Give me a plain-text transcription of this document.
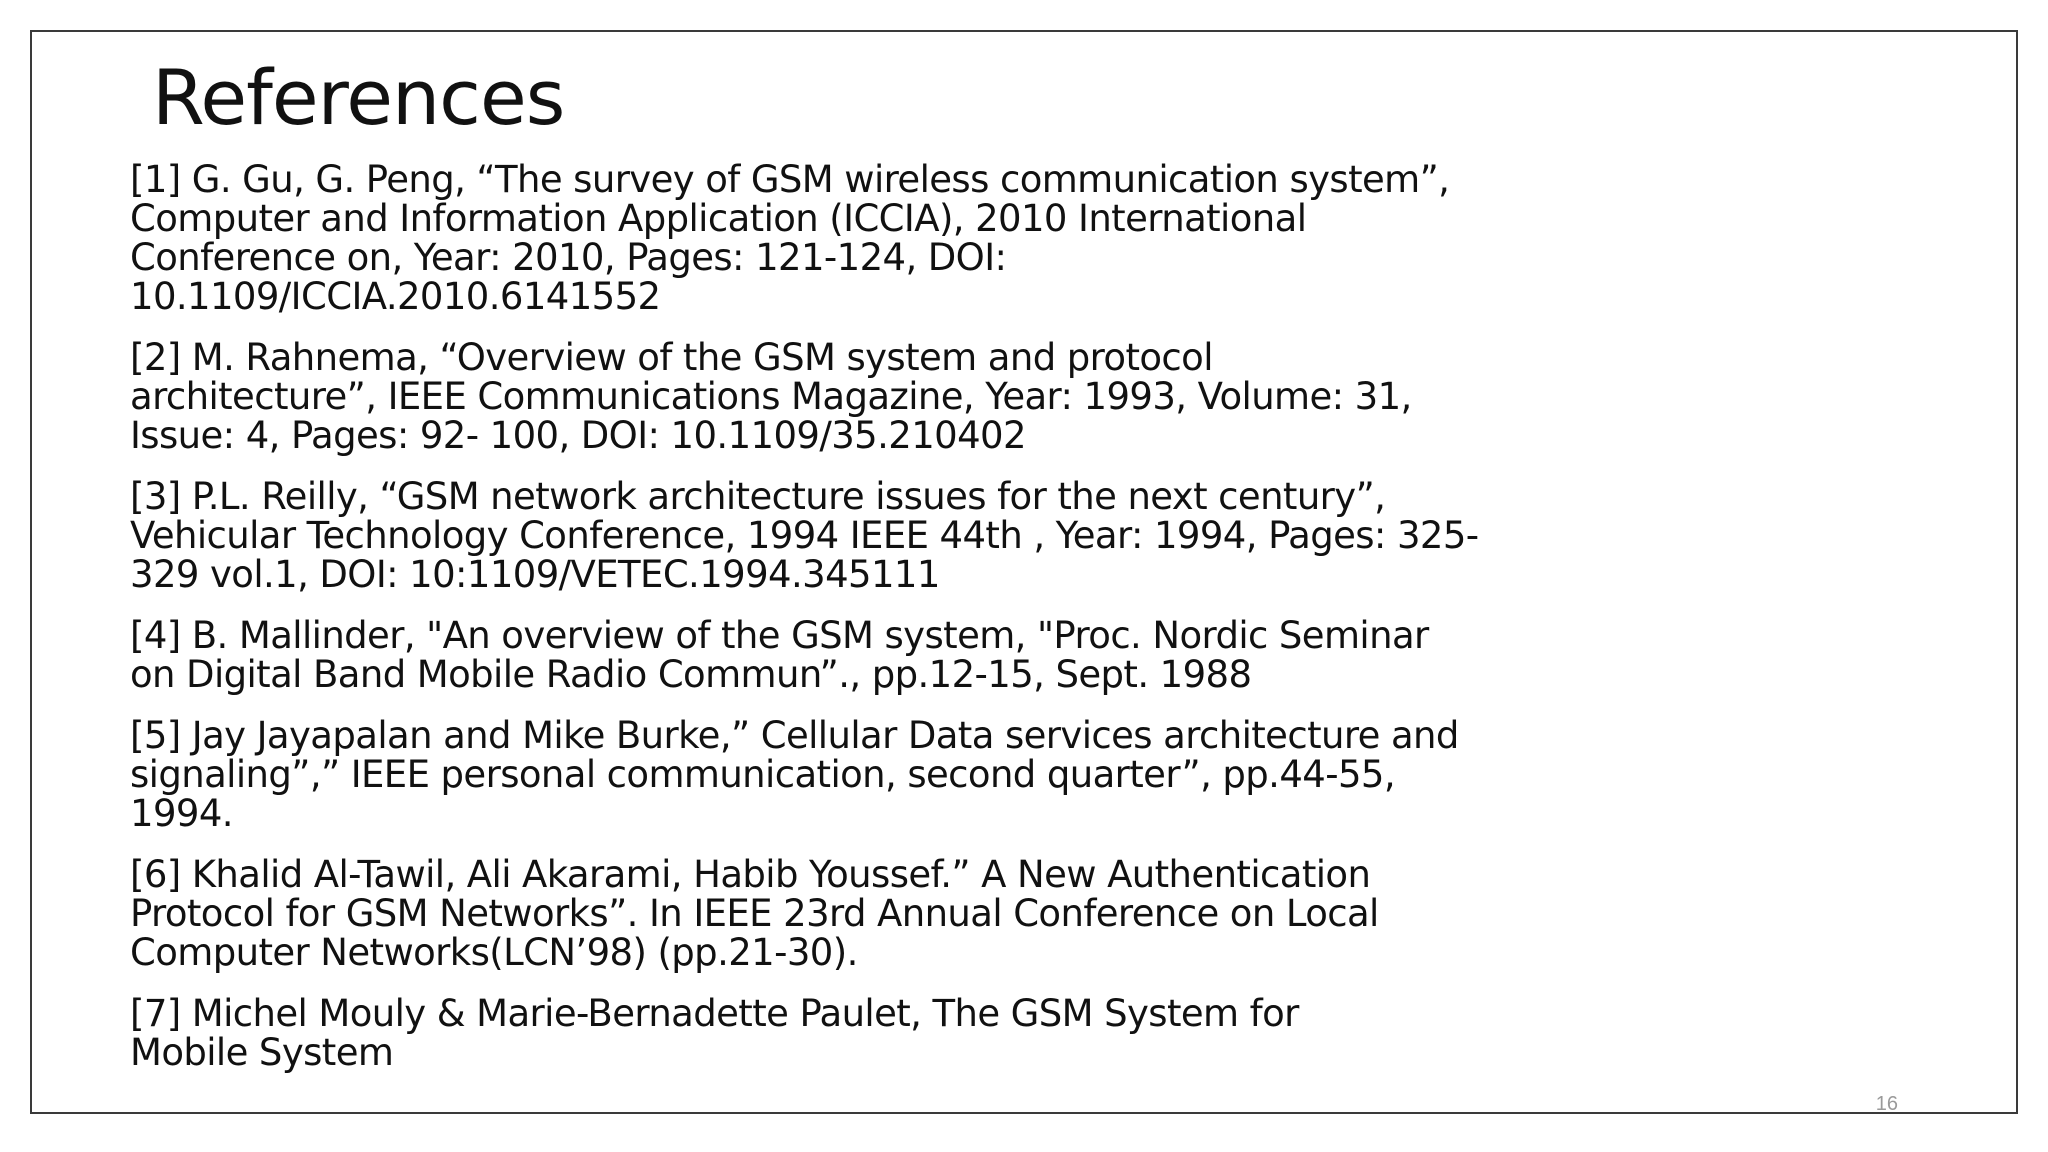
References
[1] G. Gu, G. Peng, “The survey of GSM wireless communication system”,
Computer and Information Application (ICCIA), 2010 International
Conference on, Year: 2010, Pages: 121-124, DOI:
10.1109/ICCIA.2010.6141552
[2] M. Rahnema, “Overview of the GSM system and protocol
architecture”, IEEE Communications Magazine, Year: 1993, Volume: 31,
Issue: 4, Pages: 92- 100, DOI: 10.1109/35.210402
[3] P.L. Reilly, “GSM network architecture issues for the next century”,
Vehicular Technology Conference, 1994 IEEE 44th , Year: 1994, Pages: 325-
329 vol.1, DOI: 10:1109/VETEC.1994.345111
[4] B. Mallinder, "An overview of the GSM system, "Proc. Nordic Seminar
on Digital Band Mobile Radio Commun”., pp.12-15, Sept. 1988
[5] Jay Jayapalan and Mike Burke,” Cellular Data services architecture and
signaling”,” IEEE personal communication, second quarter”, pp.44-55,
1994.
[6] Khalid Al-Tawil, Ali Akarami, Habib Youssef.” A New Authentication
Protocol for GSM Networks”. In IEEE 23rd Annual Conference on Local
Computer Networks(LCN’98) (pp.21-30).
[7] Michel Mouly & Marie-Bernadette Paulet, The GSM System for
Mobile System
16
